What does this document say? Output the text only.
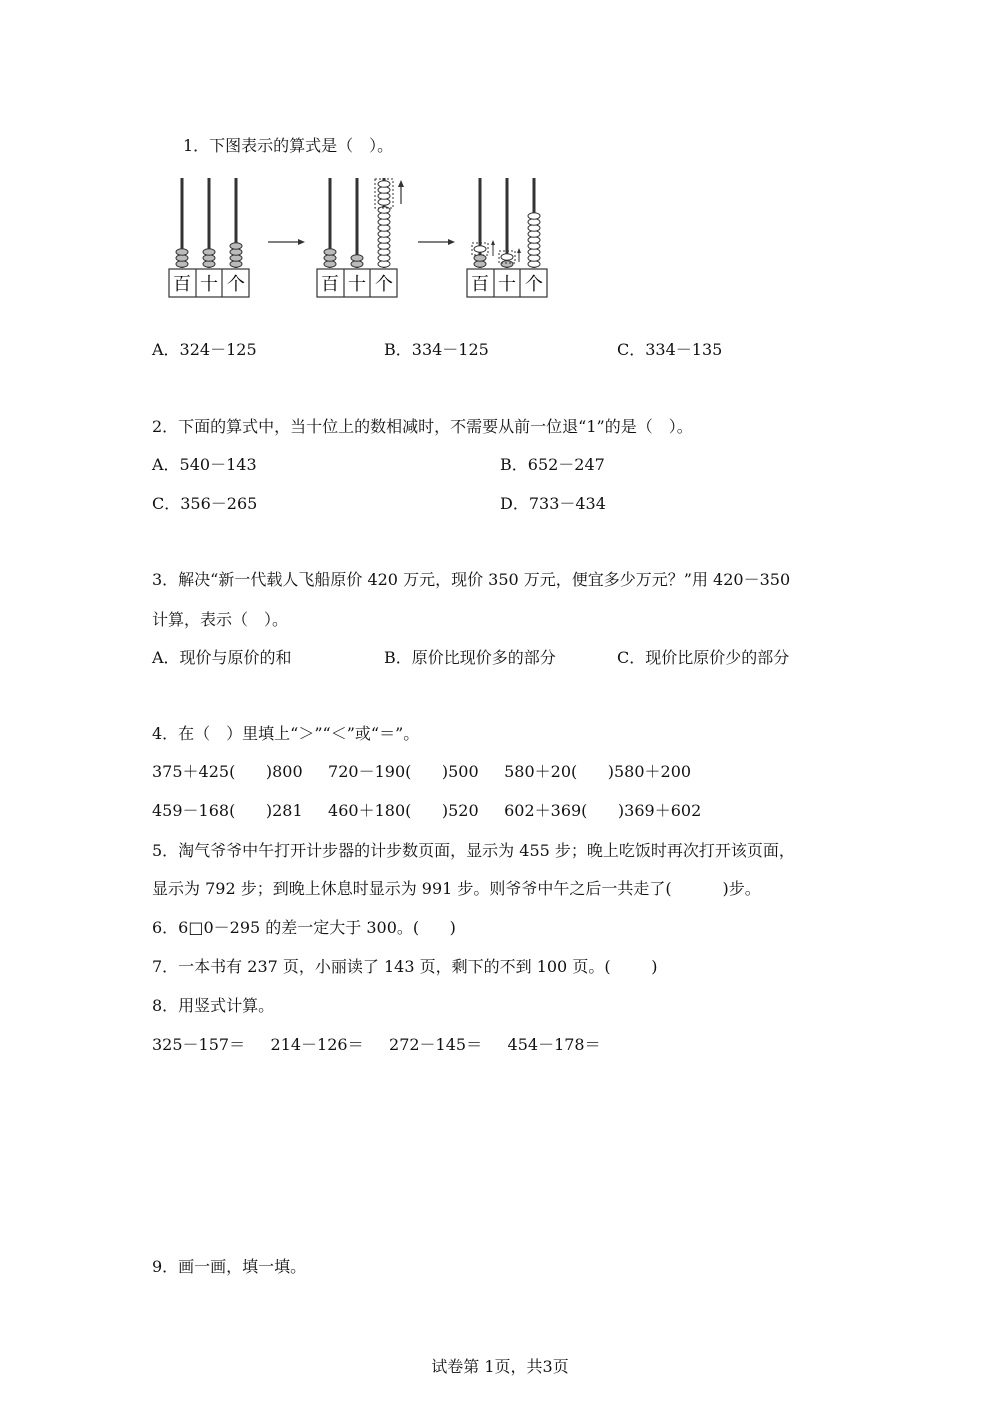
1．下图表示的算式是（　）。
百 十 个	百 十 个	百 十 个
A．324－125	B．334－125	C．334－135
2．下面的算式中，当十位上的数相减时，不需要从前一位退“1”的是（　）。
A．540－143	B．652－247
C．356－265	D．733－434
3．解决“新一代载人飞船原价 420 万元，现价 350 万元，便宜多少万元？”用 420－350
计算，表示（　）。
A．现价与原价的和	B．原价比现价多的部分	C．现价比原价少的部分
4．在（　）里填上“＞”“＜”或“＝”。
375＋425(      )800     720－190(      )500     580＋20(      )580＋200
459－168(      )281     460＋180(      )520     602＋369(      )369＋602
5．淘气爷爷中午打开计步器的计步数页面，显示为 455 步；晚上吃饭时再次打开该页面，
显示为 792 步；到晚上休息时显示为 991 步。则爷爷中午之后一共走了(          )步。
6．6□0－295 的差一定大于 300。(      )
7．一本书有 237 页，小丽读了 143 页，剩下的不到 100 页。(        )
8．用竖式计算。
325－157＝     214－126＝     272－145＝     454－178＝
9．画一画，填一填。
试卷第 1页，共3页
